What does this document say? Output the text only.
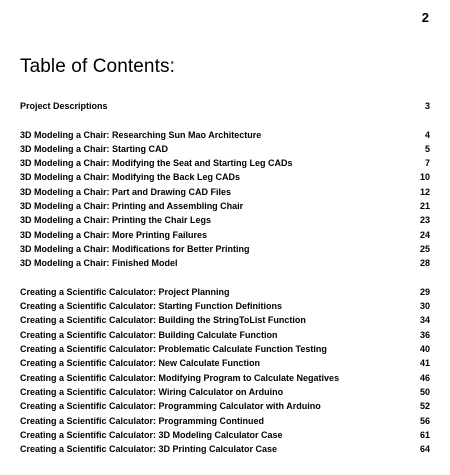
2
Table of Contents:
Project Descriptions	3
3D Modeling a Chair: Researching Sun Mao Architecture	4
3D Modeling a Chair: Starting CAD	5
3D Modeling a Chair: Modifying the Seat and Starting Leg CADs	7
3D Modeling a Chair: Modifying the Back Leg CADs	10
3D Modeling a Chair: Part and Drawing CAD Files	12
3D Modeling a Chair: Printing and Assembling Chair	21
3D Modeling a Chair: Printing the Chair Legs	23
3D Modeling a Chair: More Printing Failures	24
3D Modeling a Chair: Modifications for Better Printing	25
3D Modeling a Chair: Finished Model	28
Creating a Scientific Calculator: Project Planning	29
Creating a Scientific Calculator: Starting Function Definitions	30
Creating a Scientific Calculator: Building the StringToList Function	34
Creating a Scientific Calculator: Building Calculate Function	36
Creating a Scientific Calculator: Problematic Calculate Function Testing	40
Creating a Scientific Calculator: New Calculate Function	41
Creating a Scientific Calculator: Modifying Program to Calculate Negatives	46
Creating a Scientific Calculator: Wiring Calculator on Arduino	50
Creating a Scientific Calculator: Programming Calculator with Arduino	52
Creating a Scientific Calculator: Programming Continued	56
Creating a Scientific Calculator: 3D Modeling Calculator Case	61
Creating a Scientific Calculator: 3D Printing Calculator Case	64
